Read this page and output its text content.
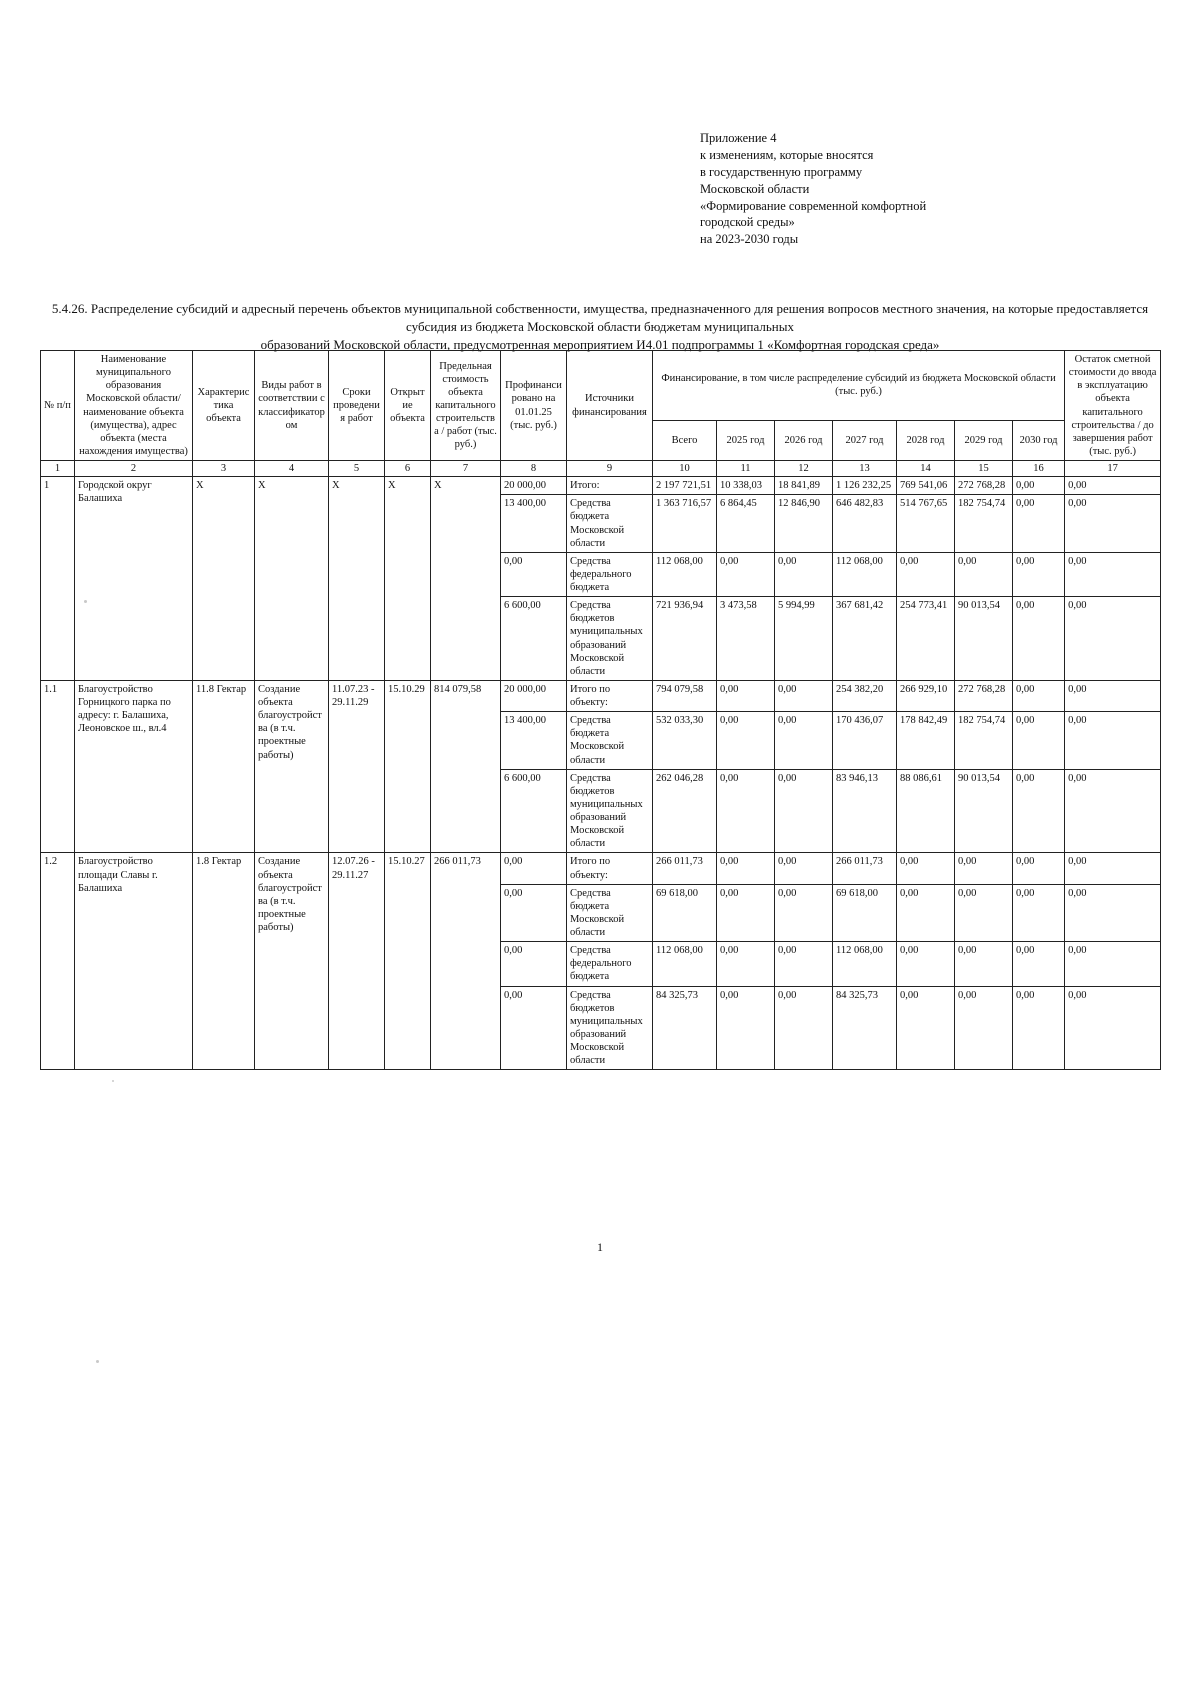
Приложение 4
к изменениям, которые вносятся
в государственную программу
Московской области
«Формирование современной комфортной
городской среды»
на 2023-2030 годы
5.4.26. Распределение субсидий и адресный перечень объектов муниципальной собственности, имущества, предназначенного для решения вопросов местного значения, на которые предоставляется субсидия из бюджета Московской области бюджетам муниципальных
образований Московской области, предусмотренная мероприятием И4.01 подпрограммы 1 «Комфортная городская среда»
№ п/п	Наименование муниципального образования Московской области/наименование объекта (имущества), адрес объекта (места нахождения имущества)	Характеристика объекта	Виды работ в соответствии с классификатором	Сроки проведения работ	Открытие объекта	Предельная стоимость объекта капитального строительства / работ (тыс. руб.)	Профинансировано на 01.01.25 (тыс. руб.)	Источники финансирования	Финансирование, в том числе распределение субсидий из бюджета Московской области (тыс. руб.)							Остаток сметной стоимости до ввода в эксплуатацию объекта капитального строительства / до завершения работ (тыс. руб.)
									Всего	2025 год	2026 год	2027 год	2028 год	2029 год	2030 год	
1	2	3	4	5	6	7	8	9	10	11	12	13	14	15	16	17
1	Городской округ Балашиха	X	X	X	X	X	20 000,00	Итого:	2 197 721,51	10 338,03	18 841,89	1 126 232,25	769 541,06	272 768,28	0,00	0,00
							13 400,00	Средства бюджета Московской области	1 363 716,57	6 864,45	12 846,90	646 482,83	514 767,65	182 754,74	0,00	0,00
							0,00	Средства федерального бюджета	112 068,00	0,00	0,00	112 068,00	0,00	0,00	0,00	0,00
							6 600,00	Средства бюджетов муниципальных образований Московской области	721 936,94	3 473,58	5 994,99	367 681,42	254 773,41	90 013,54	0,00	0,00
1.1	Благоустройство Горницкого парка по адресу: г. Балашиха, Леоновское ш., вл.4	11.8 Гектар	Создание объекта благоустройства (в т.ч. проектные работы)	11.07.23 - 29.11.29	15.10.29	814 079,58	20 000,00	Итого по объекту:	794 079,58	0,00	0,00	254 382,20	266 929,10	272 768,28	0,00	0,00
							13 400,00	Средства бюджета Московской области	532 033,30	0,00	0,00	170 436,07	178 842,49	182 754,74	0,00	0,00
							6 600,00	Средства бюджетов муниципальных образований Московской области	262 046,28	0,00	0,00	83 946,13	88 086,61	90 013,54	0,00	0,00
1.2	Благоустройство площади Славы г. Балашиха	1.8 Гектар	Создание объекта благоустройства (в т.ч. проектные работы)	12.07.26 - 29.11.27	15.10.27	266 011,73	0,00	Итого по объекту:	266 011,73	0,00	0,00	266 011,73	0,00	0,00	0,00	0,00
							0,00	Средства бюджета Московской области	69 618,00	0,00	0,00	69 618,00	0,00	0,00	0,00	0,00
							0,00	Средства федерального бюджета	112 068,00	0,00	0,00	112 068,00	0,00	0,00	0,00	0,00
							0,00	Средства бюджетов муниципальных образований Московской области	84 325,73	0,00	0,00	84 325,73	0,00	0,00	0,00	0,00
1
